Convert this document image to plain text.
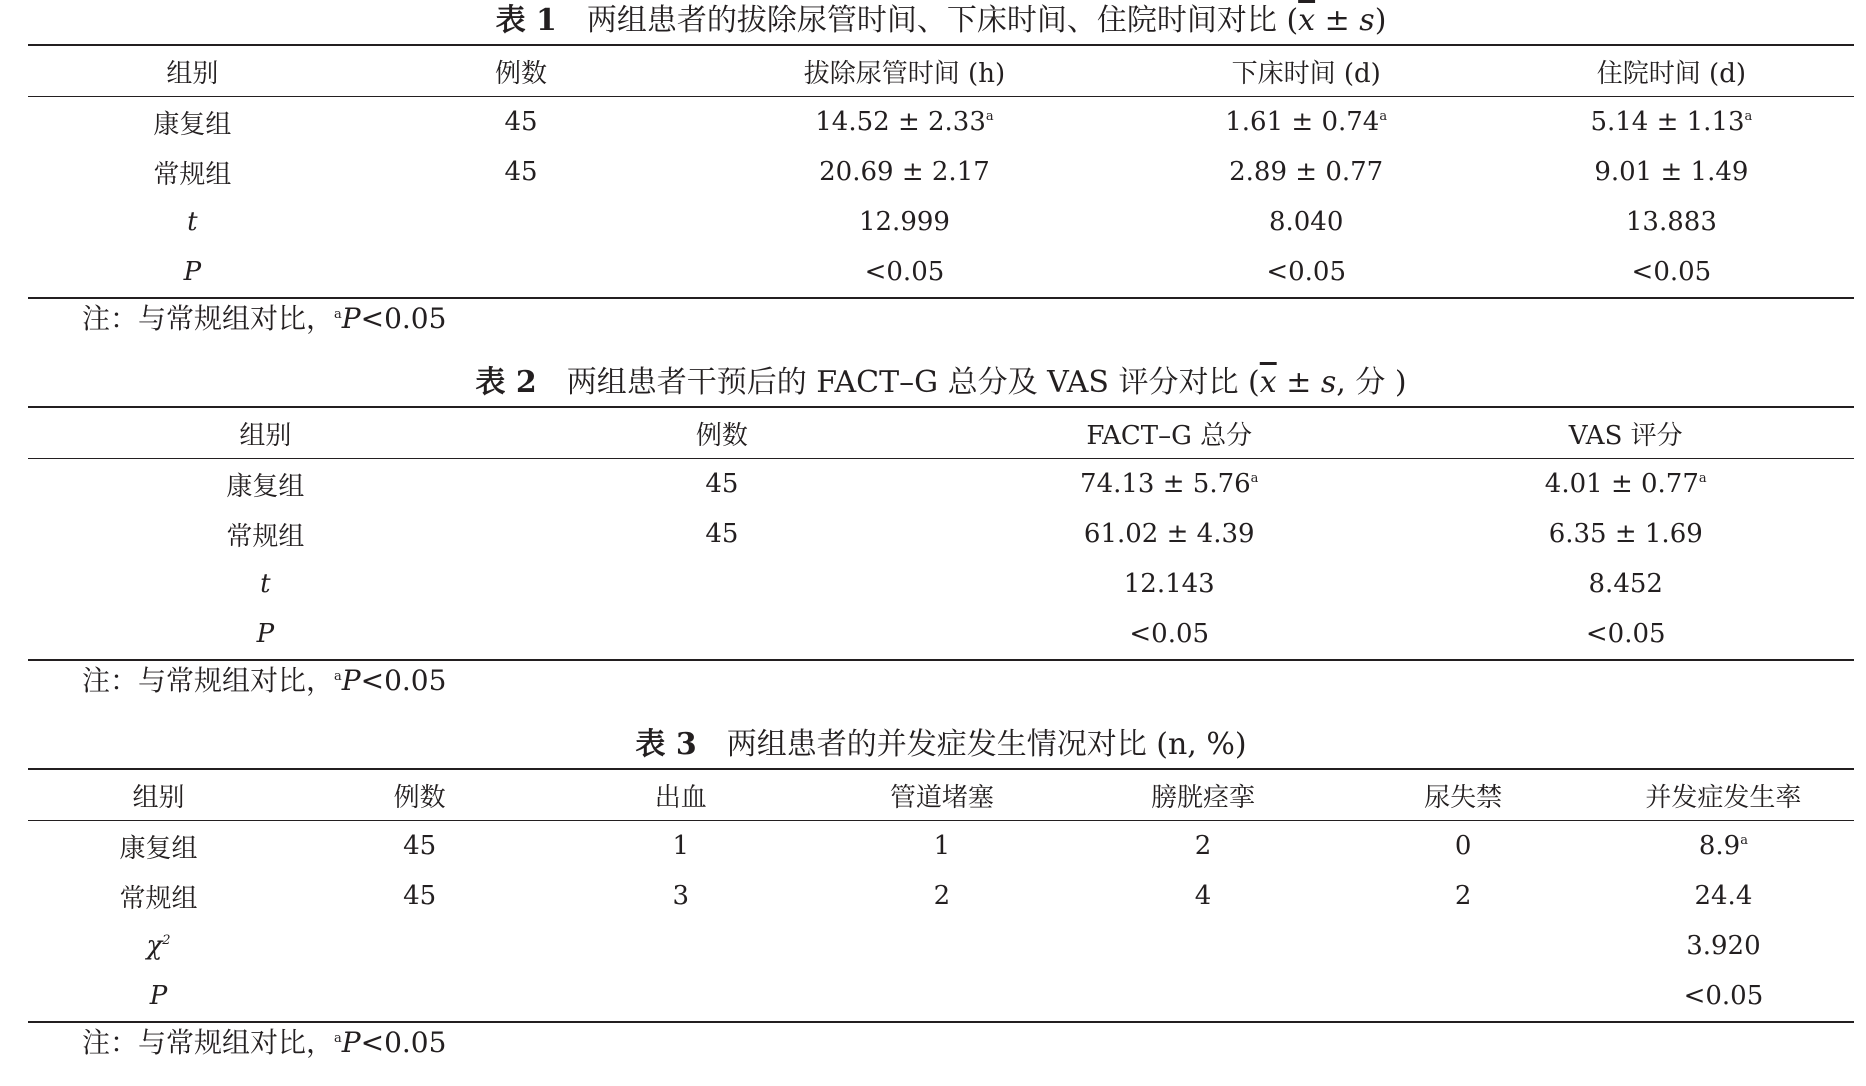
表 1 两组患者的拔除尿管时间、下床时间、住院时间对比 $(\overline{x} \pm s)$
组别	例数	拔除尿管时间 (h)	下床时间 (d)	住院时间 (d)
康复组	45	14.52 ± 2.33$^a$	1.61 ± 0.74$^a$	5.14 ± 1.13$^a$
常规组	45	20.69 ± 2.17	2.89 ± 0.77	9.01 ± 1.49
t		12.999	8.040	13.883
P		<0.05	<0.05	<0.05
注：与常规组对比，$^a$P<0.05
表 2 两组患者干预后的 FACT–G 总分及 VAS 评分对比 ($\overline{x} \pm s$, 分 )
组别	例数	FACT–G 总分	VAS 评分
康复组	45	74.13 ± 5.76$^a$	4.01 ± 0.77$^a$
常规组	45	61.02 ± 4.39	6.35 ± 1.69
t		12.143	8.452
P		<0.05	<0.05
注：与常规组对比，$^a$P<0.05
表 3 两组患者的并发症发生情况对比 (n, %)
组别	例数	出血	管道堵塞	膀胱痉挛	尿失禁	并发症发生率
康复组	45	1	1	2	0	8.9$^a$
常规组	45	3	2	4	2	24.4
$\chi^2$						3.920
P						<0.05
注：与常规组对比，$^a$P<0.05
